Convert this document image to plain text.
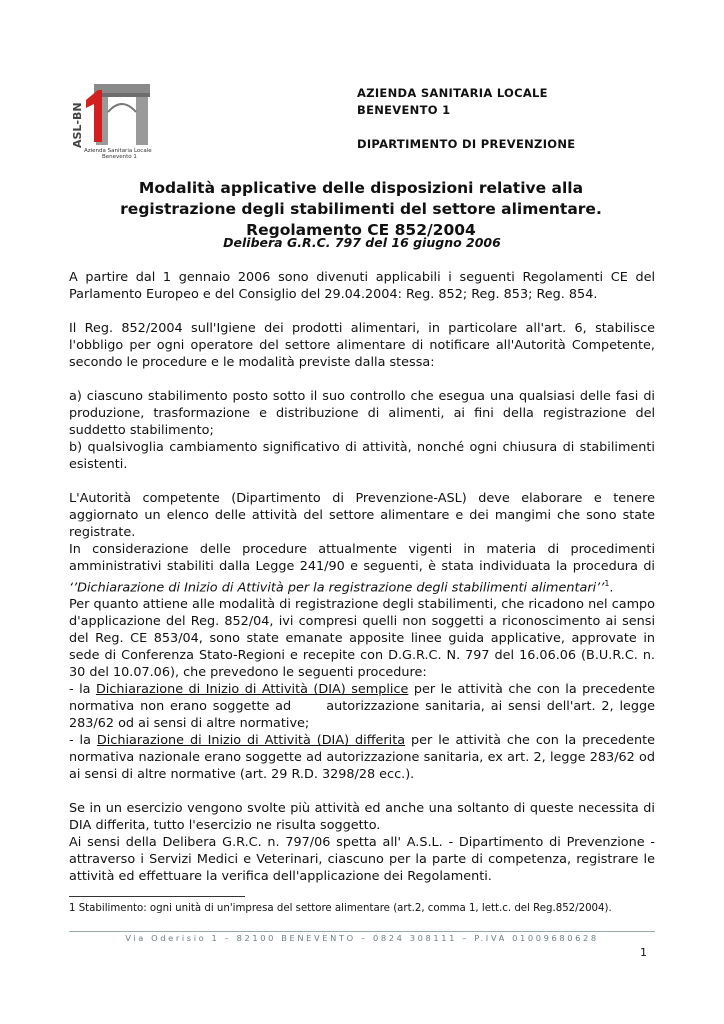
ASL-BN
Azienda Sanitaria Locale
Benevento 1
AZIENDA SANITARIA LOCALE
BENEVENTO 1
DIPARTIMENTO DI PREVENZIONE
Modalità applicative delle disposizioni relative alla registrazione degli stabilimenti del settore alimentare. Regolamento CE 852/2004
Delibera G.R.C. 797 del 16 giugno 2006

A partire dal 1 gennaio 2006 sono divenuti applicabili i seguenti Regolamenti CE del Parlamento Europeo e del Consiglio del 29.04.2004: Reg. 852; Reg. 853; Reg. 854.

Il Reg. 852/2004 sull'Igiene dei prodotti alimentari, in particolare all'art. 6, stabilisce l'obbligo per ogni operatore del settore alimentare di notificare all'Autorità Competente, secondo le procedure e le modalità previste dalla stessa:

a) ciascuno stabilimento posto sotto il suo controllo che esegua una qualsiasi delle fasi di produzione, trasformazione e distribuzione di alimenti, ai fini della registrazione del suddetto stabilimento;

b) qualsivoglia cambiamento significativo di attività, nonché ogni chiusura di stabilimenti esistenti.

L'Autorità competente (Dipartimento di Prevenzione-ASL) deve elaborare e tenere aggiornato un elenco delle attività del settore alimentare e dei mangimi che sono state registrate.

In considerazione delle procedure attualmente vigenti in materia di procedimenti amministrativi stabiliti dalla Legge 241/90 e seguenti, è stata individuata la procedura di ‘’Dichiarazione di Inizio di Attività per la registrazione degli stabilimenti alimentari’’$^1$.

Per quanto attiene alle modalità di registrazione degli stabilimenti, che ricadono nel campo d'applicazione del Reg. 852/04, ivi compresi quelli non soggetti a riconoscimento ai sensi del Reg. CE 853/04, sono state emanate apposite linee guida applicative, approvate in sede di Conferenza Stato-Regioni e recepite con D.G.R.C. N. 797 del 16.06.06 (B.U.R.C. n. 30 del 10.07.06), che prevedono le seguenti procedure:

- la Dichiarazione di Inizio di Attività (DIA) semplice per le attività che con la precedente normativa non erano soggette ad      autorizzazione sanitaria, ai sensi dell'art. 2, legge 283/62 od ai sensi di altre normative;

- la Dichiarazione di Inizio di Attività (DIA) differita per le attività che con la precedente normativa nazionale erano soggette ad autorizzazione sanitaria, ex art. 2, legge 283/62 od ai sensi di altre normative (art. 29 R.D. 3298/28 ecc.).

Se in un esercizio vengono svolte più attività ed anche una soltanto di queste necessita di DIA differita, tutto l'esercizio ne risulta soggetto.

Ai sensi della Delibera G.R.C. n. 797/06 spetta all' A.S.L. - Dipartimento di Prevenzione - attraverso i Servizi Medici e Veterinari, ciascuno per la parte di competenza, registrare le attività ed effettuare la verifica dell'applicazione dei Regolamenti.

1 Stabilimento: ogni unità di un'impresa del settore alimentare (art.2, comma 1, lett.c. del Reg.852/2004).
Via Oderisio 1 – 82100 BENEVENTO – 0824 308111 – P.IVA 01009680628
1
